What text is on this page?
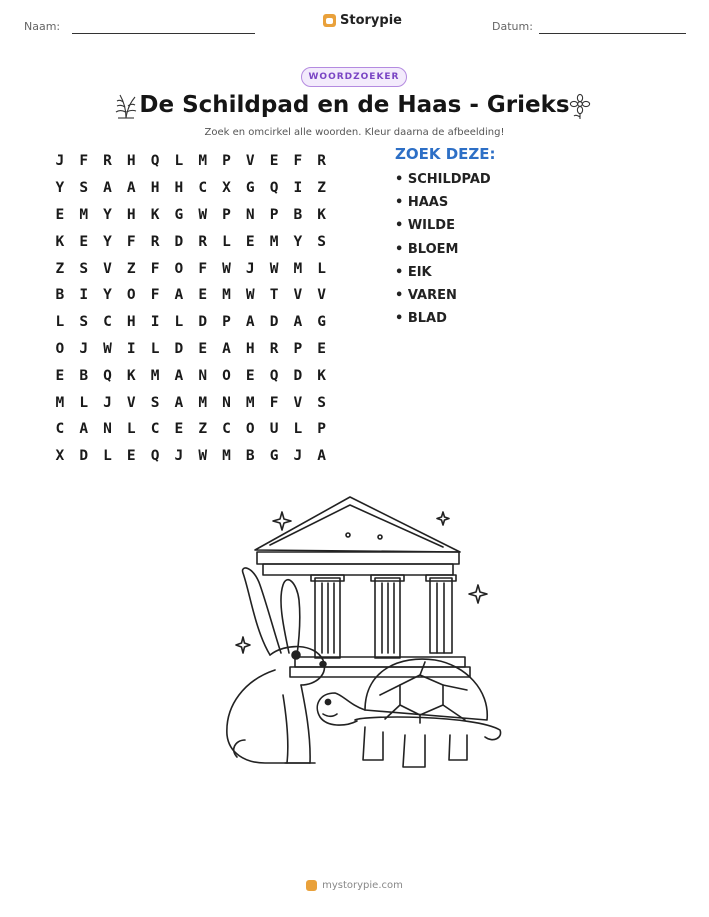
Naam:	Storypie	Datum:
WOORDZOEKER
De Schildpad en de Haas - Grieks
Zoek en omcirkel alle woorden. Kleur daarna de afbeelding!
J	F	R	H	Q	L	M	P	V	E	F	R
Y	S	A	A	H	H	C	X	G	Q	I	Z
E	M	Y	H	K	G	W	P	N	P	B	K
K	E	Y	F	R	D	R	L	E	M	Y	S
Z	S	V	Z	F	O	F	W	J	W	M	L
B	I	Y	O	F	A	E	M	W	T	V	V
L	S	C	H	I	L	D	P	A	D	A	G
O	J	W	I	L	D	E	A	H	R	P	E
E	B	Q	K	M	A	N	O	E	Q	D	K
M	L	J	V	S	A	M	N	M	F	V	S
C	A	N	L	C	E	Z	C	O	U	L	P
X	D	L	E	Q	J	W	M	B	G	J	A
ZOEK DEZE:
• SCHILDPAD
• HAAS
• WILDE
• BLOEM
• EIK
• VAREN
• BLAD
mystorypie.com
